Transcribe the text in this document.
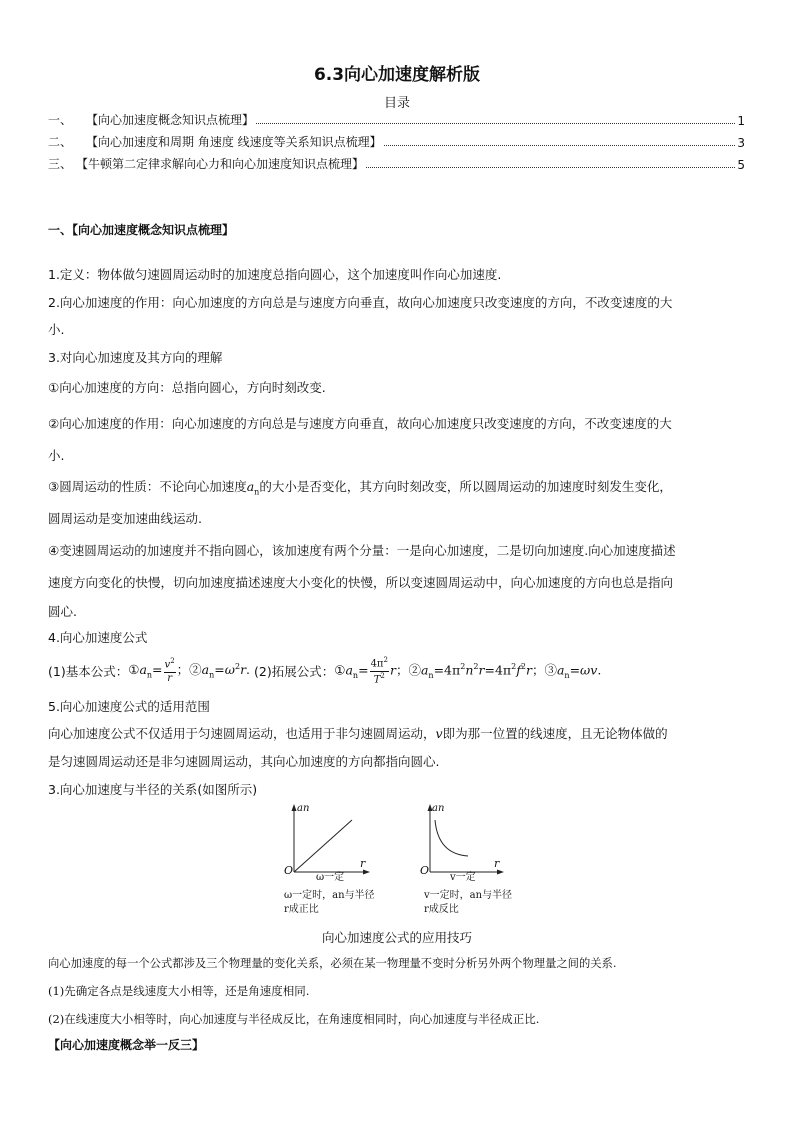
6.3向心加速度解析版
目录
一、	【向心加速度概念知识点梳理】	1
二、	【向心加速度和周期 角速度 线速度等关系知识点梳理】	3
三、 【牛顿第二定律求解向心力和向心加速度知识点梳理】	5
一、【向心加速度概念知识点梳理】
1.定义：物体做匀速圆周运动时的加速度总指向圆心，这个加速度叫作向心加速度.
2.向心加速度的作用：向心加速度的方向总是与速度方向垂直，故向心加速度只改变速度的方向，不改变速度的大
小.
3.对向心加速度及其方向的理解
①向心加速度的方向：总指向圆心，方向时刻改变.
②向心加速度的作用：向心加速度的方向总是与速度方向垂直，故向心加速度只改变速度的方向，不改变速度的大
小.
③圆周运动的性质：不论向心加速度$a_n$的大小是否变化，其方向时刻改变，所以圆周运动的加速度时刻发生变化，
圆周运动是变加速曲线运动.
④变速圆周运动的加速度并不指向圆心，该加速度有两个分量：一是向心加速度，二是切向加速度.向心加速度描述
速度方向变化的快慢，切向加速度描述速度大小变化的快慢，所以变速圆周运动中，向心加速度的方向也总是指向
圆心.
4.向心加速度公式
(1)基本公式： $①a_n= \frac{v^2}{r}$ ；$②a_n=\omega^2r$. (2)拓展公式： $①a_n= \frac{4\pi^2}{T^2}$ r；$②a_n=4\pi^2n^2r=4\pi^2f^2r$；$③a_n=\omega v$.
5.向心加速度公式的适用范围
向心加速度公式不仅适用于匀速圆周运动，也适用于非匀速圆周运动，v即为那一位置的线速度，且无论物体做的
是匀速圆周运动还是非匀速圆周运动，其向心加速度的方向都指向圆心.
3.向心加速度与半径的关系(如图所示)
an
O
r
ω一定
ω一定时，an与半径
r成正比
an
O
r
v一定
v一定时，an与半径
r成反比
向心加速度公式的应用技巧
向心加速度的每一个公式都涉及三个物理量的变化关系，必须在某一物理量不变时分析另外两个物理量之间的关系.
(1)先确定各点是线速度大小相等，还是角速度相同.
(2)在线速度大小相等时，向心加速度与半径成反比，在角速度相同时，向心加速度与半径成正比.
【向心加速度概念举一反三】
